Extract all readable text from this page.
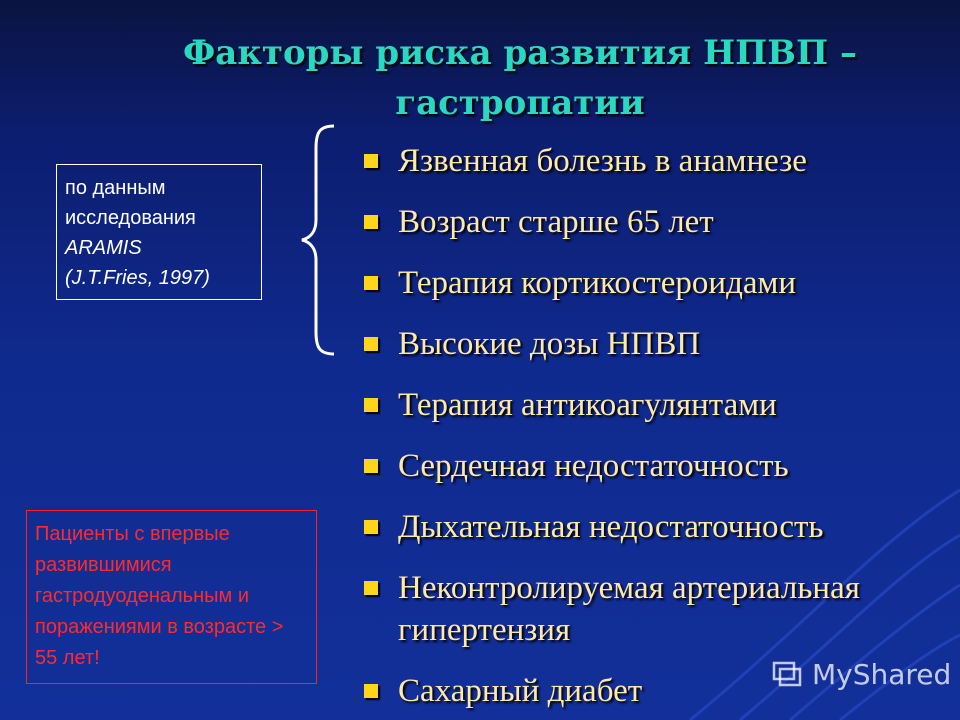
Факторы риска развития НПВП – гастропатии
по данным
исследования
ARAMIS
(J.T.Fries, 1997)
Язвенная болезнь в анамнезе
Возраст старше 65 лет
Терапия кортикостероидами
Высокие дозы НПВП
Терапия антикоагулянтами
Сердечная недостаточность
Дыхательная недостаточность
Неконтролируемая артериальная гипертензия
Сахарный диабет
Пациенты с впервые развившимися гастродуоденальным и поражениями в возрасте > 55 лет!	MyShared
